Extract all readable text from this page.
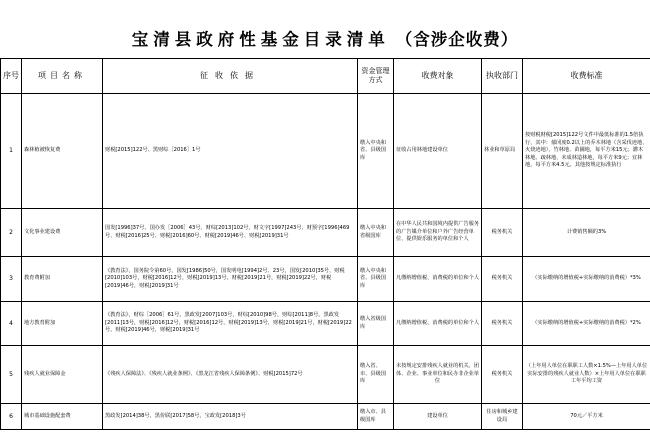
宝清县政府性基金目录清单 （含涉企收费）
序号	项目名称	征收依据	资金管理方式	收费对象	执收部门	收费标准
1	森林植被恢复费	财税[2015]122号、黑财综［2016］1号	缴入中央和省、县级国库	征收占用林地建设单位	林业和草原局	按财税财税[2015]122号文件中最低标准的1.5倍执行，其中：郁闭度0.2以上的乔木林地（含采伐迹地、火烧迹地），竹林地、苗圃地，每平方米15元；灌木林地、疏林地、未成林造林地，每平方米9元；宜林地，每平方米4.5元。其他按规定标准执行
2	文化事业建设费	国发[1996]37号、国办发［2006］43号、财综[2013]102号、财文字[1997]243号、财预字[1996]469号、财税[2016]25号、财税[2016]60号、财税[2019]46号、财税[2019]31号	缴入中央和省级国库	在中华人民共和国境内提供广告服务的广告媒介单位和户外广告经营单位、提供娱乐服务的单位和个人	税务机关	计费销售额的3%
3	教育费附加	《教育法》，国务院令第60号，国发[1986]50号，国发明电[1994]2号、23号，国发[2010]35号，财税[2010]103号，财税[2016]12号，财税[2019]13号，财税[2019]21号，财税[2019]22号，财税[2019]46号，财税[2019]31号	缴入中央和省、县级国库	凡缴纳增值税、消费税的单位和个人	税务机关	（实际缴纳的增值税+实际缴纳的消费税）*3%
4	地方教育附加	《教育法》，财综［2006］61号，黑政发[2007]103号，财综[2010]98号，财综[2011]8号，黑政发[2011]13号，财税[2016]12号，财税[2016]12号，财税[2019]13号，财税[2019]21号，财税[2019]22号，财税[2019]46号，财税[2019]31号	缴入省级国库	凡缴纳增值税、消费税的单位和个人	税务机关	（实际缴纳的增值税+实际缴纳的消费税）*2%
5	残疾人就业保障金	《残疾人保障法》、《残疾人就业条例》、《黑龙江省残疾人保障条例》、财税[2015]72号	缴入省、市、县级国库	未按规定安排残疾人就业的机关、团体、企业、事业单位和民办非企业单位	税务机关	（上年用人单位在职职工人数×1.5%—上年用人单位实际安排的残疾人就业人数）×上年用人单位在职职工年平均工资
6	城市基础设施配套费	黑政发[2014]38号，黑价联[2017]58号，宝政发[2018]3号	缴入市、县级国库	建设单位	住房和城乡建设局	70元／平方米
